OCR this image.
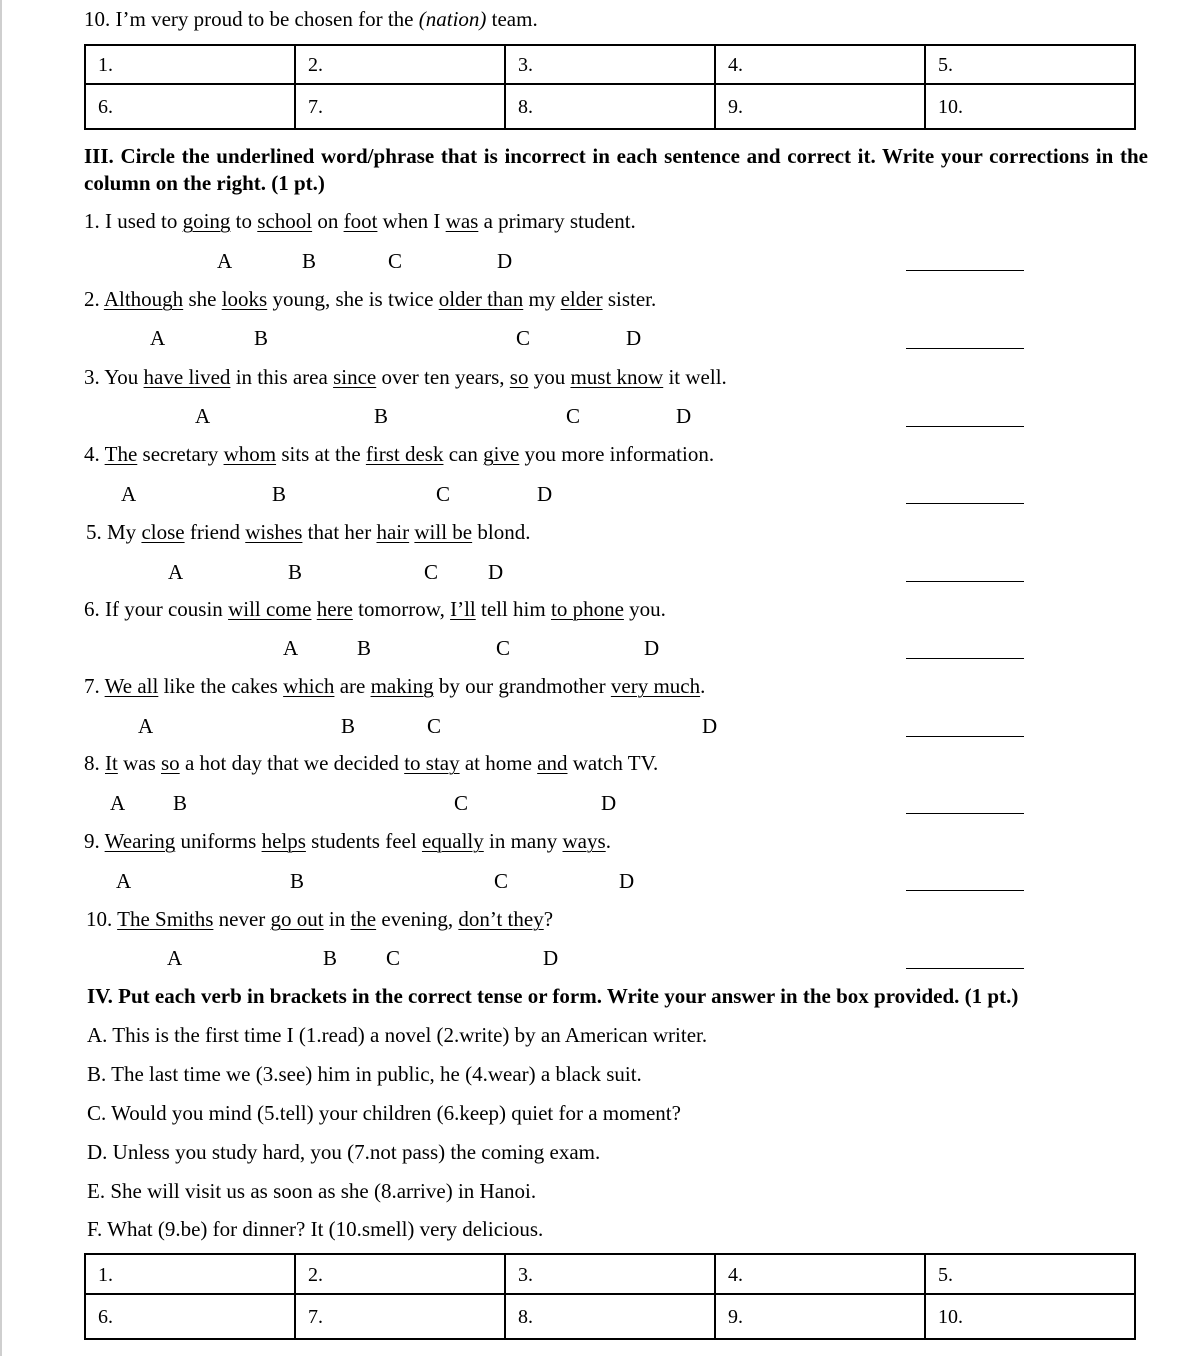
10. I’m very proud to be chosen for the (nation) team.
1.	2.	3.	4.	5.
6.	7.	8.	9.	10.
III. Circle the underlined word/phrase that is incorrect in each sentence and correct it. Write your corrections in the column on the right. (1 pt.)
1. I used to going to school on foot when I was a primary student.
A	B	C	D
2. Although she looks young, she is twice older than my elder sister.
A	B	C	D
3. You have lived in this area since over ten years, so you must know it well.
A	B	C	D
4. The secretary whom sits at the first desk can give you more information.
A	B	C	D
5. My close friend wishes that her hair will be blond.
A	B	C D
6. If your cousin will come here tomorrow, I’ll tell him to phone you.
A	B	C	D
7. We all like the cakes which are making by our grandmother very much.
A	B	C	D
8. It was so a hot day that we decided to stay at home and watch TV.
A B	C	D
9. Wearing uniforms helps students feel equally in many ways.
A	B	C	D
10. The Smiths never go out in the evening, don’t they?
A	B C	D
IV. Put each verb in brackets in the correct tense or form. Write your answer in the box provided. (1 pt.)
A. This is the first time I (1.read) a novel (2.write) by an American writer.
B. The last time we (3.see) him in public, he (4.wear) a black suit.
C. Would you mind (5.tell) your children (6.keep) quiet for a moment?
D. Unless you study hard, you (7.not pass) the coming exam.
E. She will visit us as soon as she (8.arrive) in Hanoi.
F. What (9.be) for dinner? It (10.smell) very delicious.
1.	2.	3.	4.	5.
6.	7.	8.	9.	10.
